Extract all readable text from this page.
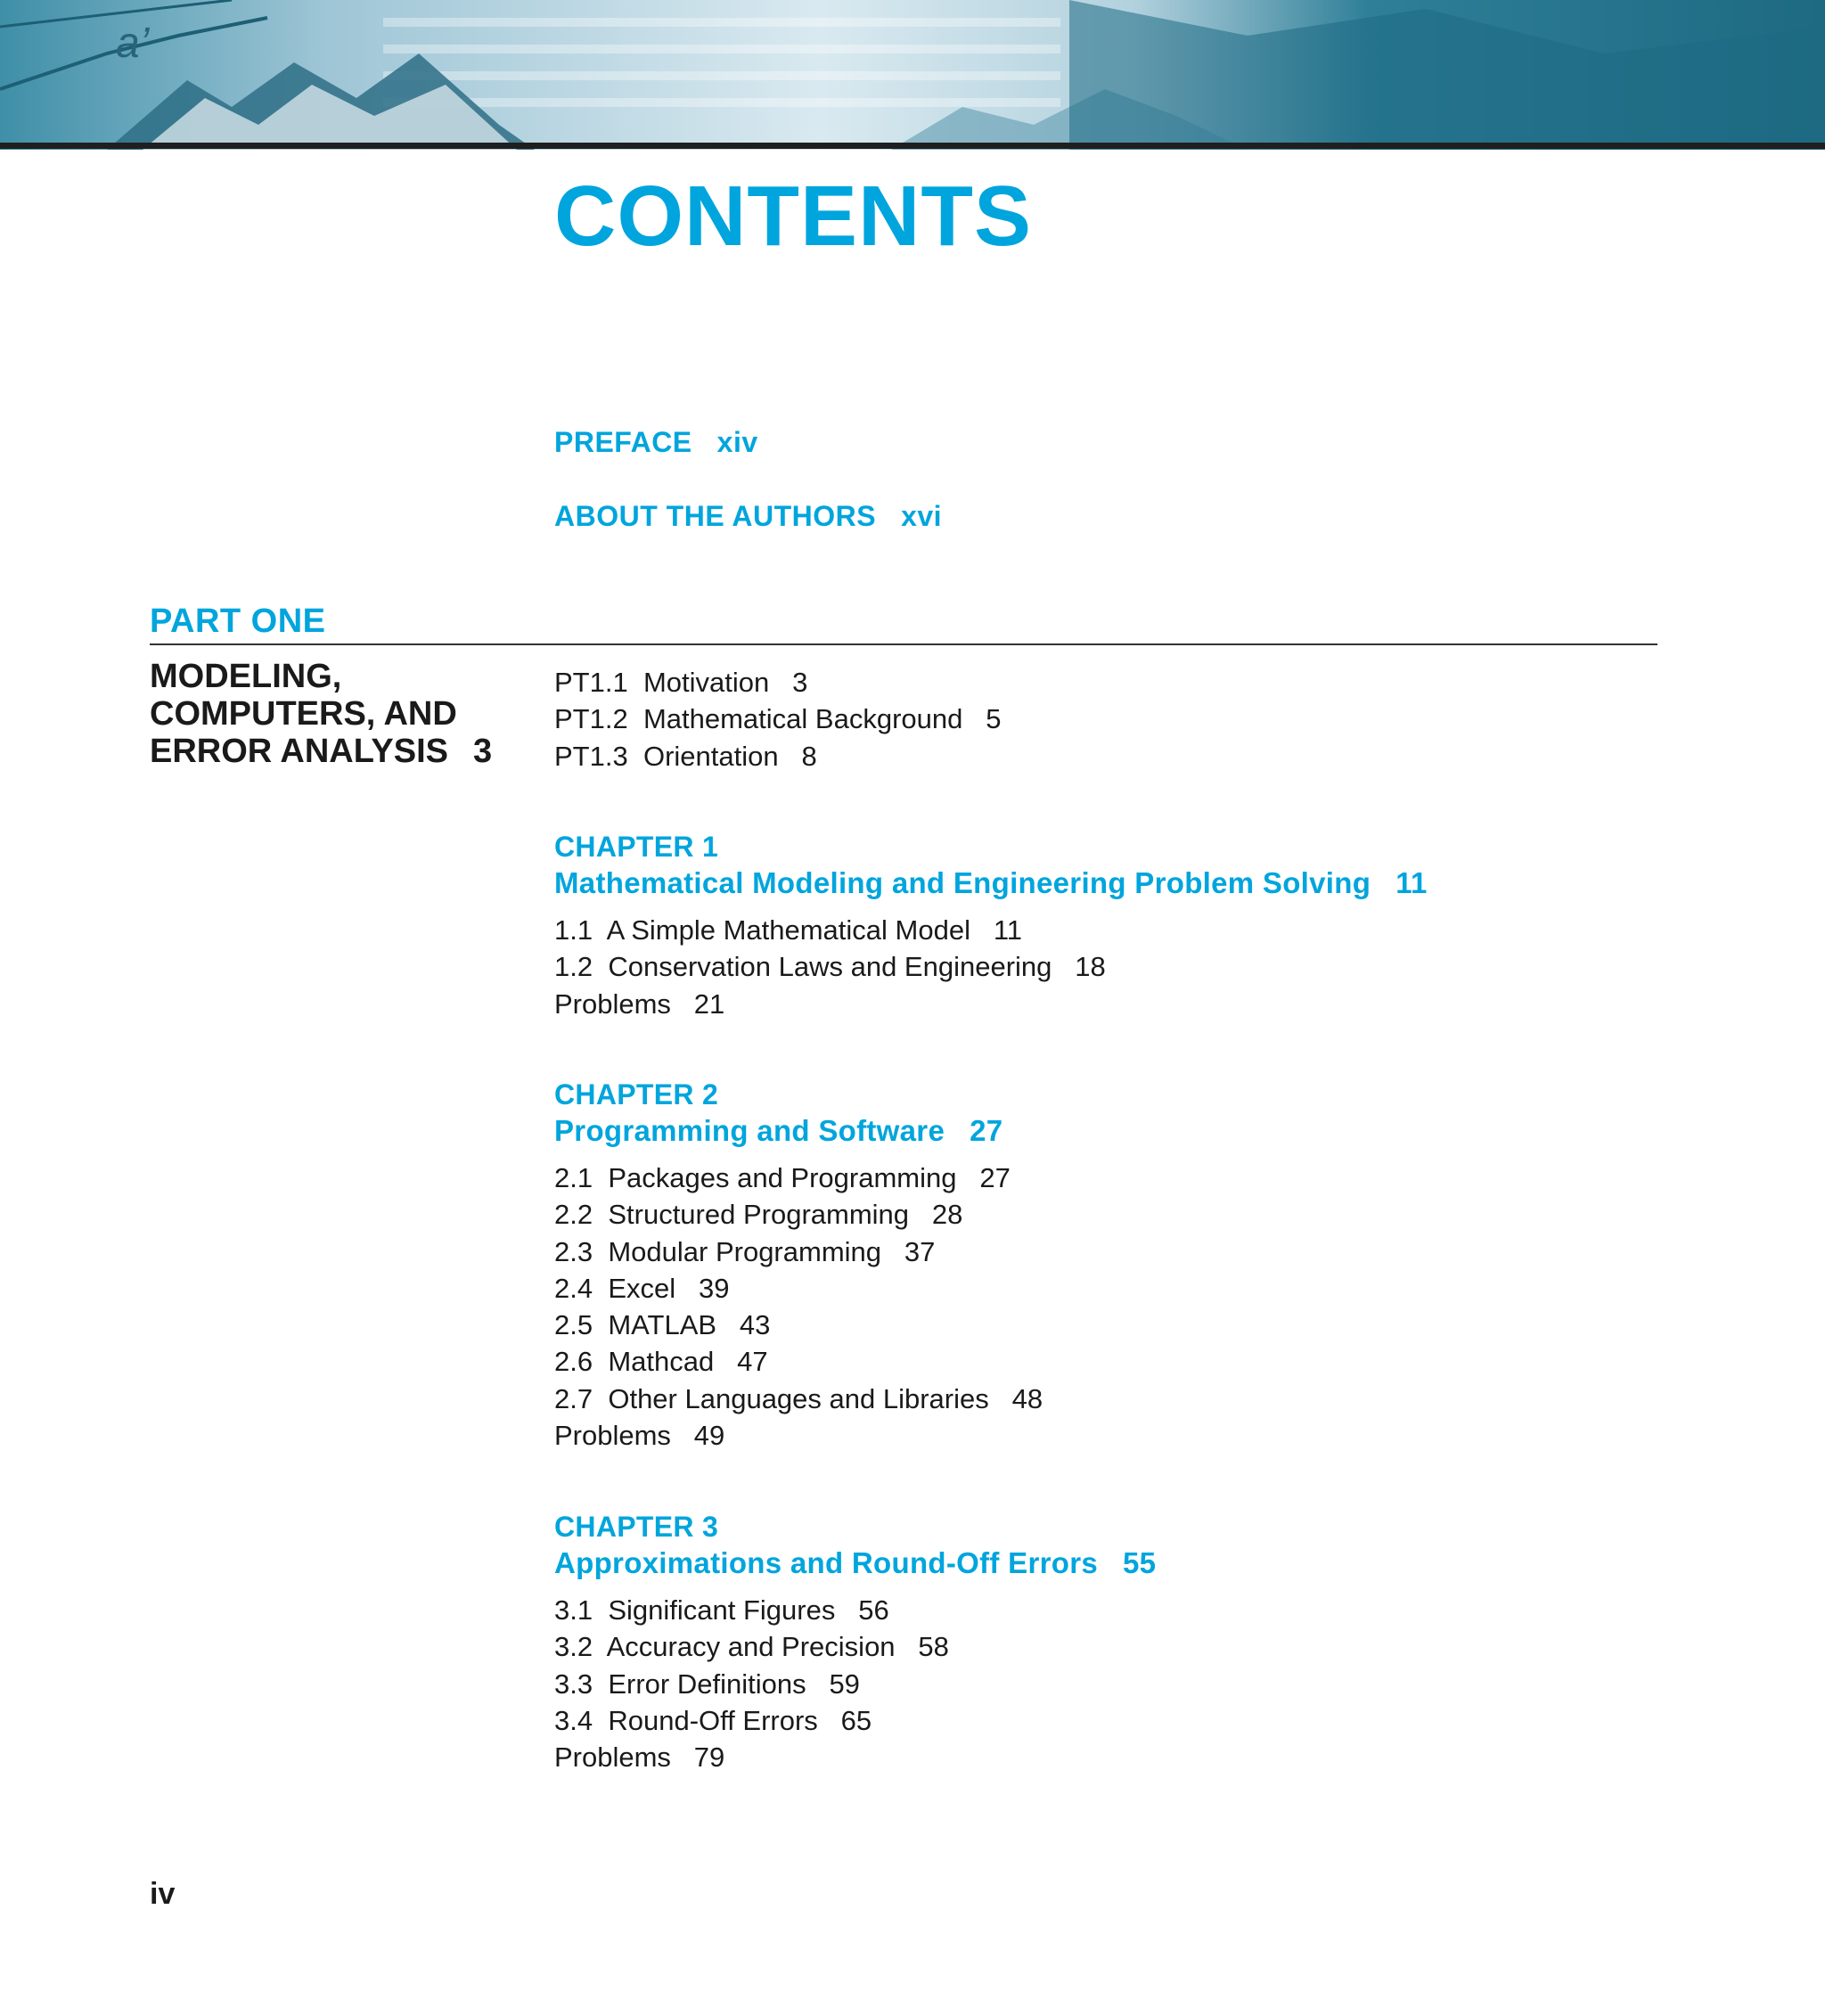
a’
CONTENTS
PREFACE xiv
ABOUT THE AUTHORS xvi
PART ONE
MODELING,
COMPUTERS, AND
ERROR ANALYSIS 3
PT1.1 Motivation 3
PT1.2 Mathematical Background 5
PT1.3 Orientation 8
CHAPTER 1
Mathematical Modeling and Engineering Problem Solving 11
1.1 A Simple Mathematical Model 11
1.2 Conservation Laws and Engineering 18
Problems 21
CHAPTER 2
Programming and Software 27
2.1 Packages and Programming 27
2.2 Structured Programming 28
2.3 Modular Programming 37
2.4 Excel 39
2.5 MATLAB 43
2.6 Mathcad 47
2.7 Other Languages and Libraries 48
Problems 49
CHAPTER 3
Approximations and Round-Off Errors 55
3.1 Significant Figures 56
3.2 Accuracy and Precision 58
3.3 Error Definitions 59
3.4 Round-Off Errors 65
Problems 79
iv
